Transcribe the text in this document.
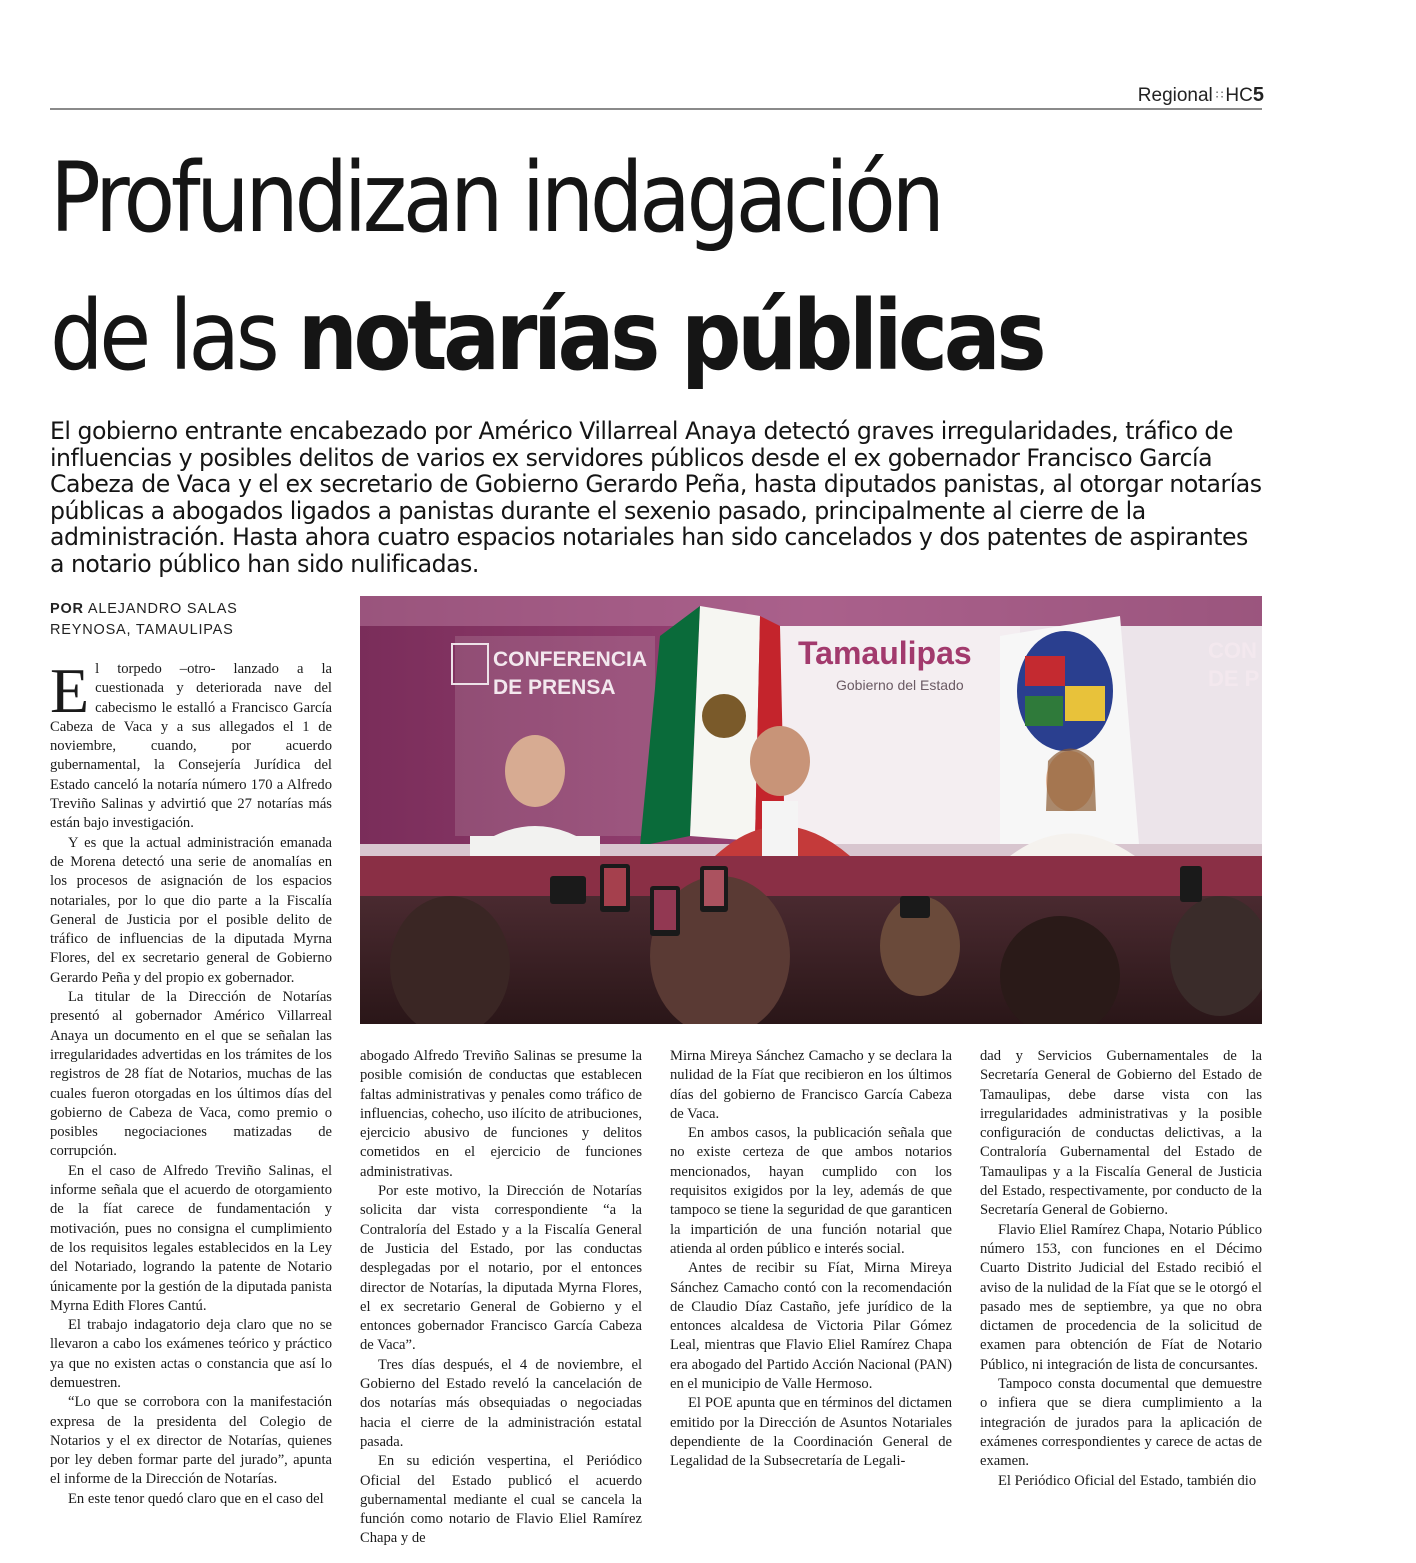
Regional ∷ HC5
Profundizan indagación
de las notarías públicas
El gobierno entrante encabezado por Américo Villarreal Anaya detectó graves irregularidades, tráfico de influencias y posibles delitos de varios ex servidores públicos desde el ex gobernador Francisco García Cabeza de Vaca y el ex secretario de Gobierno Gerardo Peña, hasta diputados panistas, al otorgar notarías públicas a abogados ligados a panistas durante el sexenio pasado, principalmente al cierre de la administración. Hasta ahora cuatro espacios notariales han sido cancelados y dos patentes de aspirantes a notario público han sido nulificadas.
POR ALEJANDRO SALAS
REYNOSA, TAMAULIPAS

El torpedo –otro- lanzado a la cuestionada y deteriorada nave del cabecismo le estalló a Francisco García Cabeza de Vaca y a sus allegados el 1 de noviembre, cuando, por acuerdo gubernamental, la Consejería Jurídica del Estado canceló la notaría número 170 a Alfredo Treviño Salinas y advirtió que 27 notarías más están bajo investigación.

Y es que la actual administración emanada de Morena detectó una serie de anomalías en los procesos de asignación de los espacios notariales, por lo que dio parte a la Fiscalía General de Justicia por el posible delito de tráfico de influencias de la diputada Myrna Flores, del ex secretario general de Gobierno Gerardo Peña y del propio ex gobernador.

La titular de la Dirección de Notarías presentó al gobernador Américo Villarreal Anaya un documento en el que se señalan las irregularidades advertidas en los trámites de los registros de 28 fíat de Notarios, muchas de las cuales fueron otorgadas en los últimos días del gobierno de Cabeza de Vaca, como premio o posibles negociaciones matizadas de corrupción.

En el caso de Alfredo Treviño Salinas, el informe señala que el acuerdo de otorgamiento de la fíat carece de fundamentación y motivación, pues no consigna el cumplimiento de los requisitos legales establecidos en la Ley del Notariado, logrando la patente de Notario únicamente por la gestión de la diputada panista Myrna Edith Flores Cantú.

El trabajo indagatorio deja claro que no se llevaron a cabo los exámenes teórico y práctico ya que no existen actas o constancia que así lo demuestren.

“Lo que se corrobora con la manifestación expresa de la presidenta del Colegio de Notarios y el ex director de Notarías, quienes por ley deben formar parte del jurado”, apunta el informe de la Dirección de Notarías.

En este tenor quedó claro que en el caso del

CONFERENCIA
DE PRENSA
Tamaulipas
Gobierno del Estado
CON
DE P

abogado Alfredo Treviño Salinas se presume la posible comisión de conductas que establecen faltas administrativas y penales como tráfico de influencias, cohecho, uso ilícito de atribuciones, ejercicio abusivo de funciones y delitos cometidos en el ejercicio de funciones administrativas.

Por este motivo, la Dirección de Notarías solicita dar vista correspondiente “a la Contraloría del Estado y a la Fiscalía General de Justicia del Estado, por las conductas desplegadas por el notario, por el entonces director de Notarías, la diputada Myrna Flores, el ex secretario General de Gobierno y el entonces gobernador Francisco García Cabeza de Vaca”.

Tres días después, el 4 de noviembre, el Gobierno del Estado reveló la cancelación de dos notarías más obsequiadas o negociadas hacia el cierre de la administración estatal pasada.

En su edición vespertina, el Periódico Oficial del Estado publicó el acuerdo gubernamental mediante el cual se cancela la función como notario de Flavio Eliel Ramírez Chapa y de

Mirna Mireya Sánchez Camacho y se declara la nulidad de la Fíat que recibieron en los últimos días del gobierno de Francisco García Cabeza de Vaca.

En ambos casos, la publicación señala que no existe certeza de que ambos notarios mencionados, hayan cumplido con los requisitos exigidos por la ley, además de que tampoco se tiene la seguridad de que garanticen la impartición de una función notarial que atienda al orden público e interés social.

Antes de recibir su Fíat, Mirna Mireya Sánchez Camacho contó con la recomendación de Claudio Díaz Castaño, jefe jurídico de la entonces alcaldesa de Victoria Pilar Gómez Leal, mientras que Flavio Eliel Ramírez Chapa era abogado del Partido Acción Nacional (PAN) en el municipio de Valle Hermoso.

El POE apunta que en términos del dictamen emitido por la Dirección de Asuntos Notariales dependiente de la Coordinación General de Legalidad de la Subsecretaría de Legali-

dad y Servicios Gubernamentales de la Secretaría General de Gobierno del Estado de Tamaulipas, debe darse vista con las irregularidades administrativas y la posible configuración de conductas delictivas, a la Contraloría Gubernamental del Estado de Tamaulipas y a la Fiscalía General de Justicia del Estado, respectivamente, por conducto de la Secretaría General de Gobierno.

Flavio Eliel Ramírez Chapa, Notario Público número 153, con funciones en el Décimo Cuarto Distrito Judicial del Estado recibió el aviso de la nulidad de la Fíat que se le otorgó el pasado mes de septiembre, ya que no obra dictamen de procedencia de la solicitud de examen para obtención de Fíat de Notario Público, ni integración de lista de concursantes.

Tampoco consta documental que demuestre o infiera que se diera cumplimiento a la integración de jurados para la aplicación de exámenes correspondientes y carece de actas de examen.

El Periódico Oficial del Estado, también dio
